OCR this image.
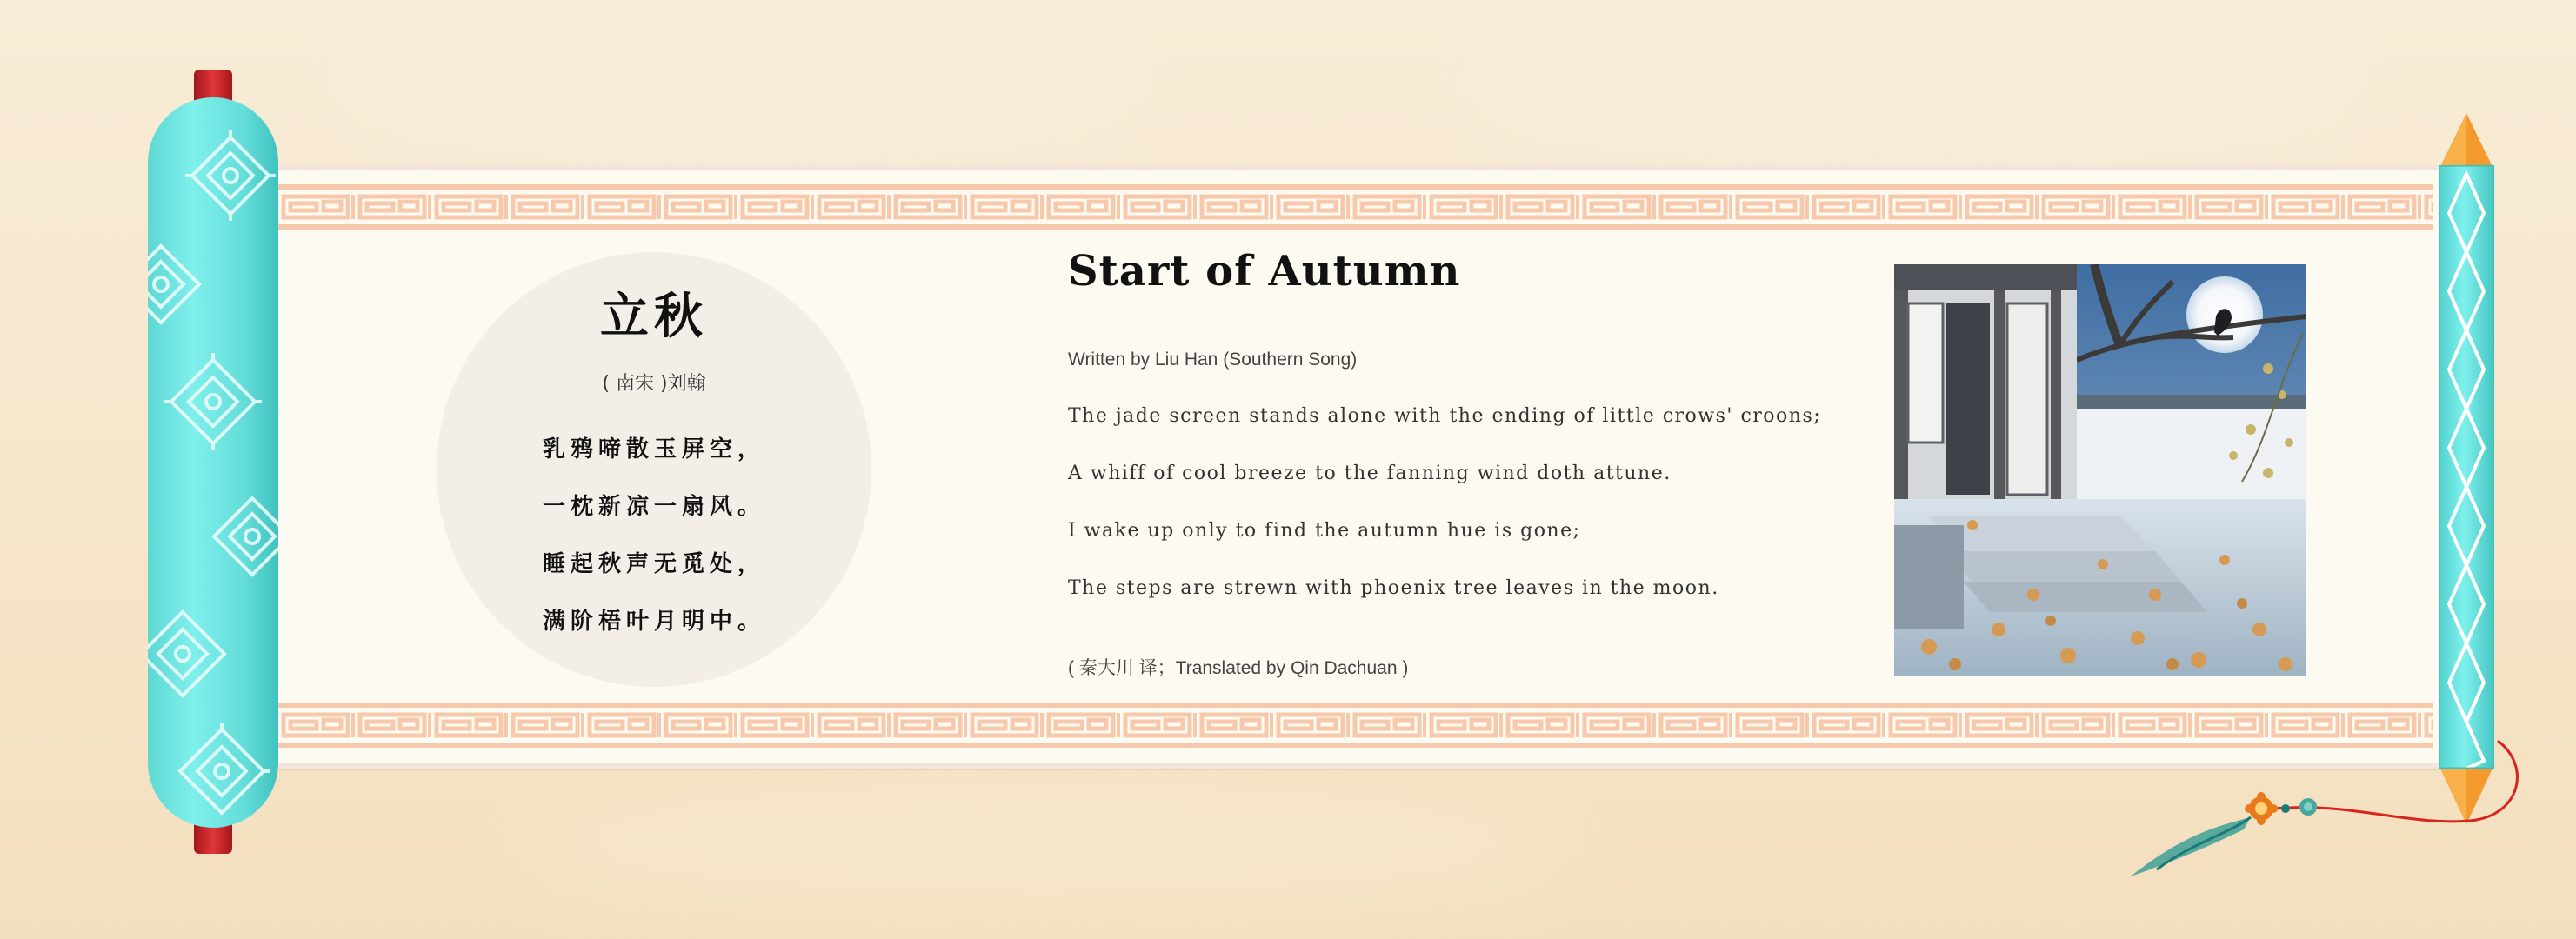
立秋
( 南宋 )刘翰
乳鸦啼散玉屏空，
一枕新凉一扇风。
睡起秋声无觅处，
满阶梧叶月明中。
Start of Autumn
Written by Liu Han (Southern Song)
The jade screen stands alone with the ending of little crows' croons;
A whiff of cool breeze to the fanning wind doth attune.
I wake up only to find the autumn hue is gone;
The steps are strewn with phoenix tree leaves in the moon.
( 秦大川 译；Translated by Qin Dachuan )
